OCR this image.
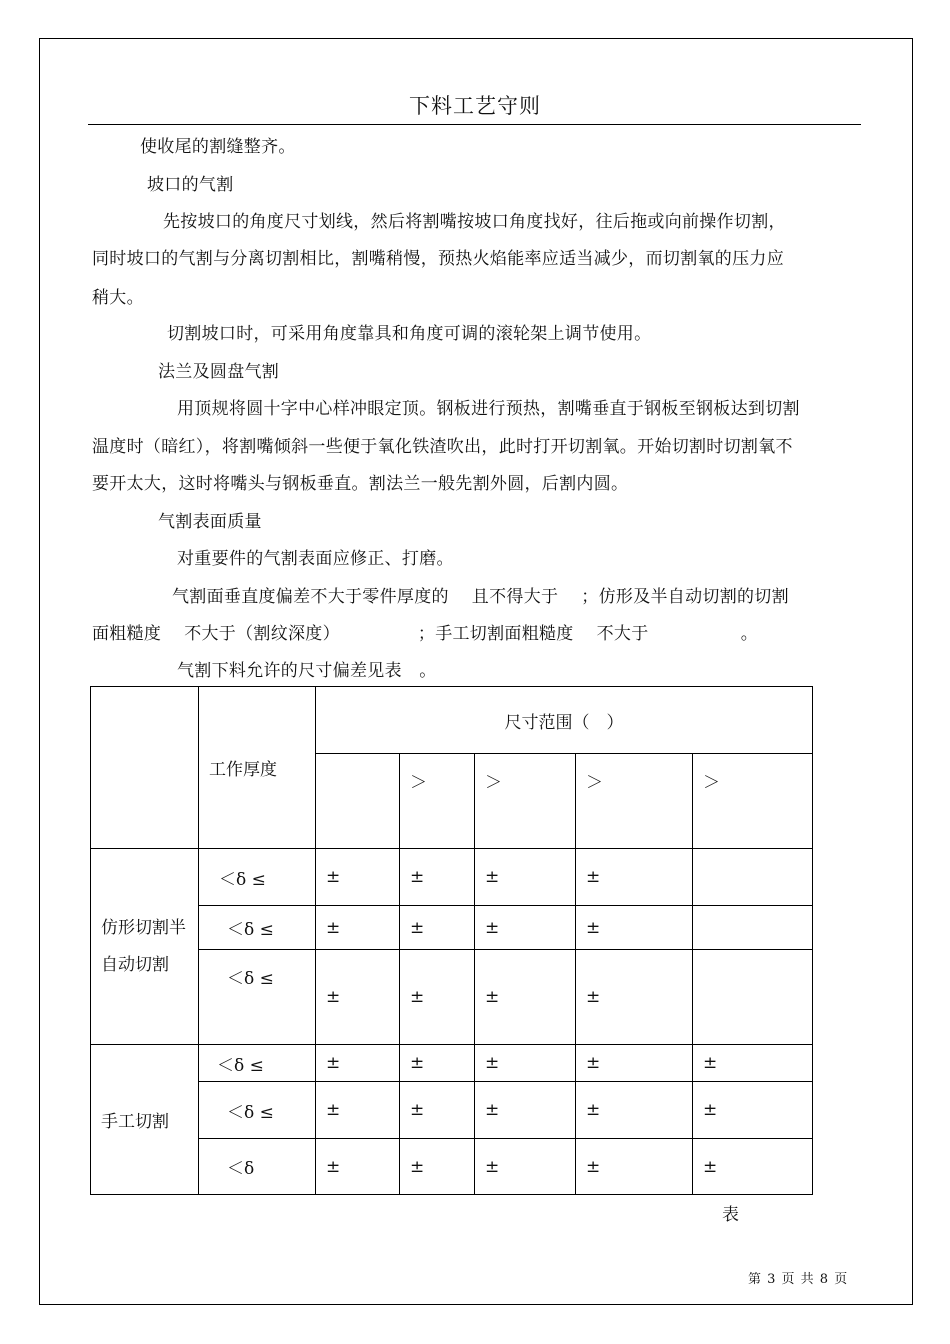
下料工艺守则
使收尾的割缝整齐。
坡口的气割
先按坡口的角度尺寸划线，然后将割嘴按坡口角度找好，往后拖或向前操作切割，
同时坡口的气割与分离切割相比，割嘴稍慢，预热火焰能率应适当减少，而切割氧的压力应
稍大。
切割坡口时，可采用角度靠具和角度可调的滚轮架上调节使用。
法兰及圆盘气割
用顶规将圆十字中心样冲眼定顶。钢板进行预热，割嘴垂直于钢板至钢板达到切割
温度时（暗红），将割嘴倾斜一些便于氧化铁渣吹出，此时打开切割氧。开始切割时切割氧不
要开太大，这时将嘴头与钢板垂直。割法兰一般先割外圆，后割内圆。
气割表面质量
对重要件的气割表面应修正、打磨。
气割面垂直度偏差不大于零件厚度的　 且不得大于　 ；仿形及半自动切割的切割
面粗糙度　 不大于（割纹深度）　　　　　；手工切割面粗糙度　 不大于　　　　　 。
气割下料允许的尺寸偏差见表　。
	工作厚度	尺寸范围（　）				
			＞	＞	＞	＞
仿形切割半自动切割	＜δ ≤	±	±	±	±	
	＜δ ≤	±	±	±	±	
	＜δ ≤	±	±	±	±	
手工切割	＜δ ≤	±	±	±	±	±
	＜δ ≤	±	±	±	±	±
	＜δ	±	±	±	±	±
表
第 3 页 共 8 页
